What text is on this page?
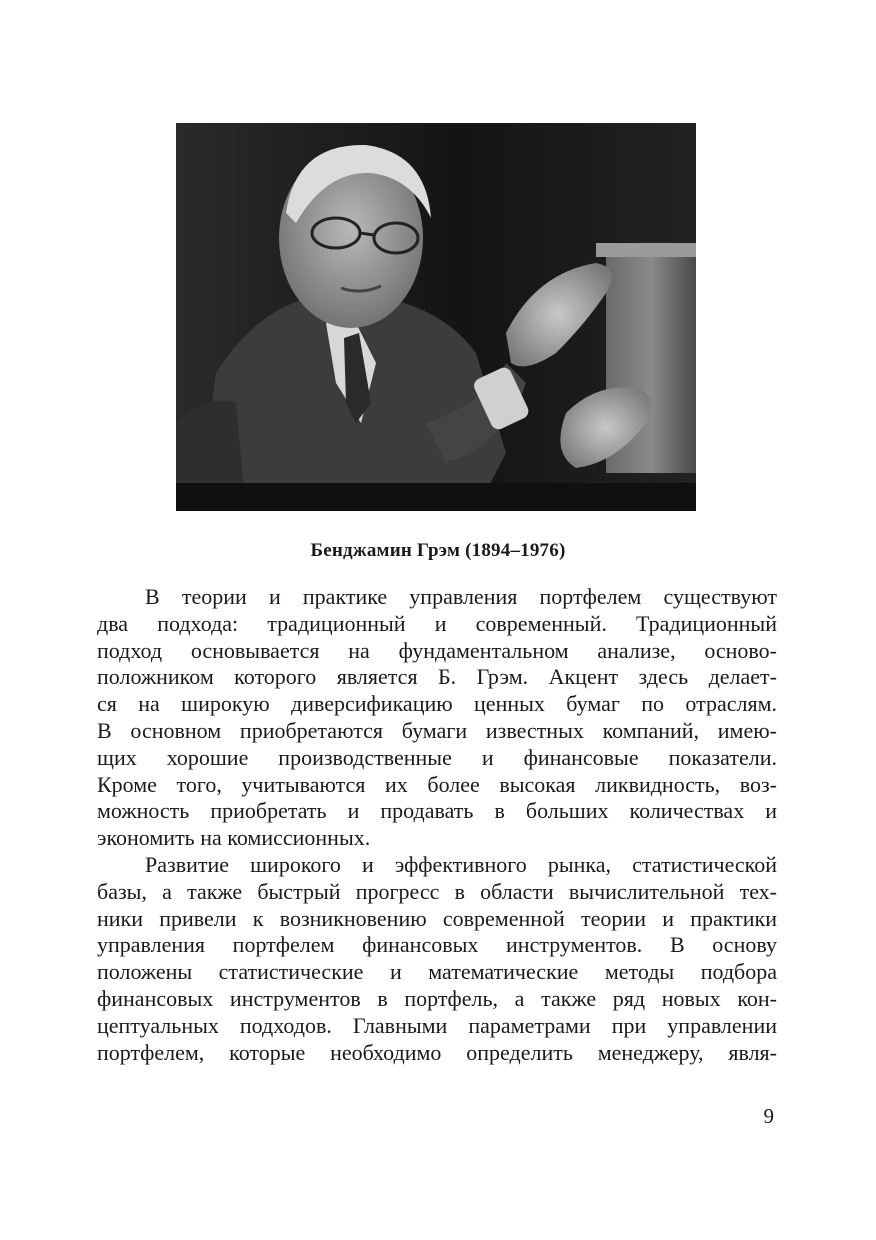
Бенджамин Грэм (1894–1976)

В теории и практике управления портфелем существуют
два подхода: традиционный и современный. Традиционный
подход основывается на фундаментальном анализе, осново-
положником которого является Б. Грэм. Акцент здесь делает-
ся на широкую диверсификацию ценных бумаг по отраслям.
В основном приобретаются бумаги известных компаний, имею-
щих хорошие производственные и финансовые показатели.
Кроме того, учитываются их более высокая ликвидность, воз-
можность приобретать и продавать в больших количествах и
экономить на комиссионных.

Развитие широкого и эффективного рынка, статистической
базы, а также быстрый прогресс в области вычислительной тех-
ники привели к возникновению современной теории и практики
управления портфелем финансовых инструментов. В основу
положены статистические и математические методы подбора
финансовых инструментов в портфель, а также ряд новых кон-
цептуальных подходов. Главными параметрами при управлении
портфелем, которые необходимо определить менеджеру, явля-

9
